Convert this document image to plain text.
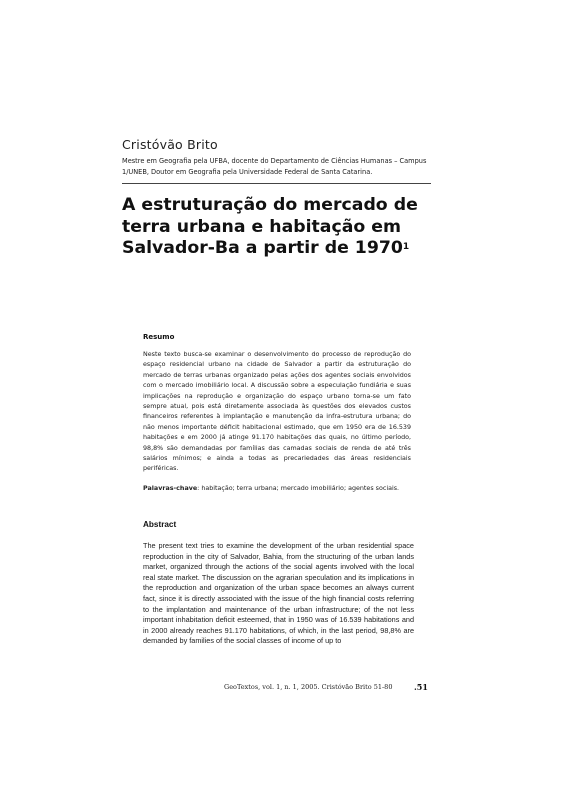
Cristóvão Brito
Mestre em Geografia pela UFBA, docente do Departamento de Ciências Humanas – Campus 1/UNEB, Doutor em Geografia pela Universidade Federal de Santa Catarina.
A estruturação do mercado de terra urbana e habitação em Salvador-Ba a partir de 1970$^1$
Resumo
Neste texto busca-se examinar o desenvolvimento do processo de reprodução do espaço residencial urbano na cidade de Salvador a partir da estruturação do mercado de terras urbanas organizado pelas ações dos agentes sociais envolvidos com o mercado imobiliário local. A discussão sobre a especulação fundiária e suas implicações na reprodução e organização do espaço urbano torna-se um fato sempre atual, pois está diretamente associada às questões dos elevados custos financeiros referentes à implantação e manutenção da infra-estrutura urbana; do não menos importante déficit habitacional estimado, que em 1950 era de 16.539 habitações e em 2000 já atinge 91.170 habitações das quais, no último período, 98,8% são demandadas por famílias das camadas sociais de renda de até três salários mínimos; e ainda a todas as precariedades das áreas residenciais periféricas.
Palavras-chave: habitação; terra urbana; mercado imobiliário; agentes sociais.
Abstract
The present text tries to examine the development of the urban residential space reproduction in the city of Salvador, Bahia, from the structuring of the urban lands market, organized through the actions of the social agents involved with the local real state market. The discussion on the agrarian speculation and its implications in the reproduction and organization of the urban space becomes an always current fact, since it is directly associated with the issue of the high financial costs referring to the implantation and maintenance of the urban infrastructure; of the not less important inhabitation deficit esteemed, that in 1950 was of 16.539 habitations and in 2000 already reaches 91.170 habitations, of which, in the last period, 98,8% are demanded by families of the social classes of income of up to
GeoTextos, vol. 1, n. 1, 2005. Cristóvão Brito 51-80	.51
